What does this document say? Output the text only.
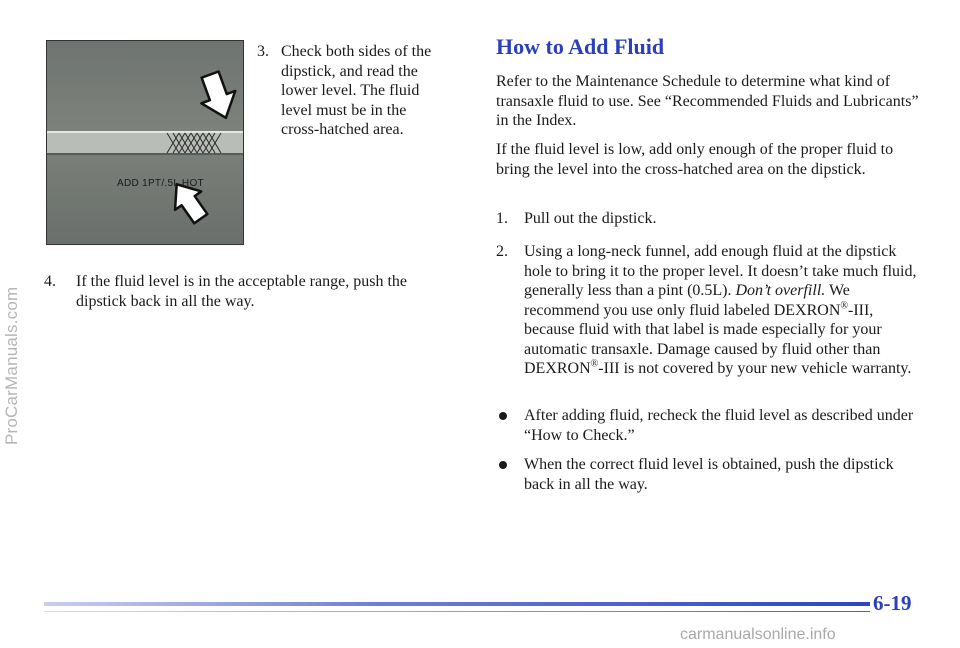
ProCarManuals.com
ADD 1PT/.5L HOT
3. Check both sides of the dipstick, and read the lower level. The fluid level must be in the cross-hatched area.
4. If the fluid level is in the acceptable range, push the dipstick back in all the way.
How to Add Fluid
Refer to the Maintenance Schedule to determine what kind of transaxle fluid to use. See “Recommended Fluids and Lubricants” in the Index.
If the fluid level is low, add only enough of the proper fluid to bring the level into the cross-hatched area on the dipstick.
1. Pull out the dipstick.
2. Using a long-neck funnel, add enough fluid at the dipstick hole to bring it to the proper level. It doesn’t take much fluid, generally less than a pint (0.5L). Don’t overfill. We recommend you use only fluid labeled DEXRON®-III, because fluid with that label is made especially for your automatic transaxle. Damage caused by fluid other than DEXRON®-III is not covered by your new vehicle warranty.
After adding fluid, recheck the fluid level as described under “How to Check.”
When the correct fluid level is obtained, push the dipstick back in all the way.
6-19
carmanualsonline.info
